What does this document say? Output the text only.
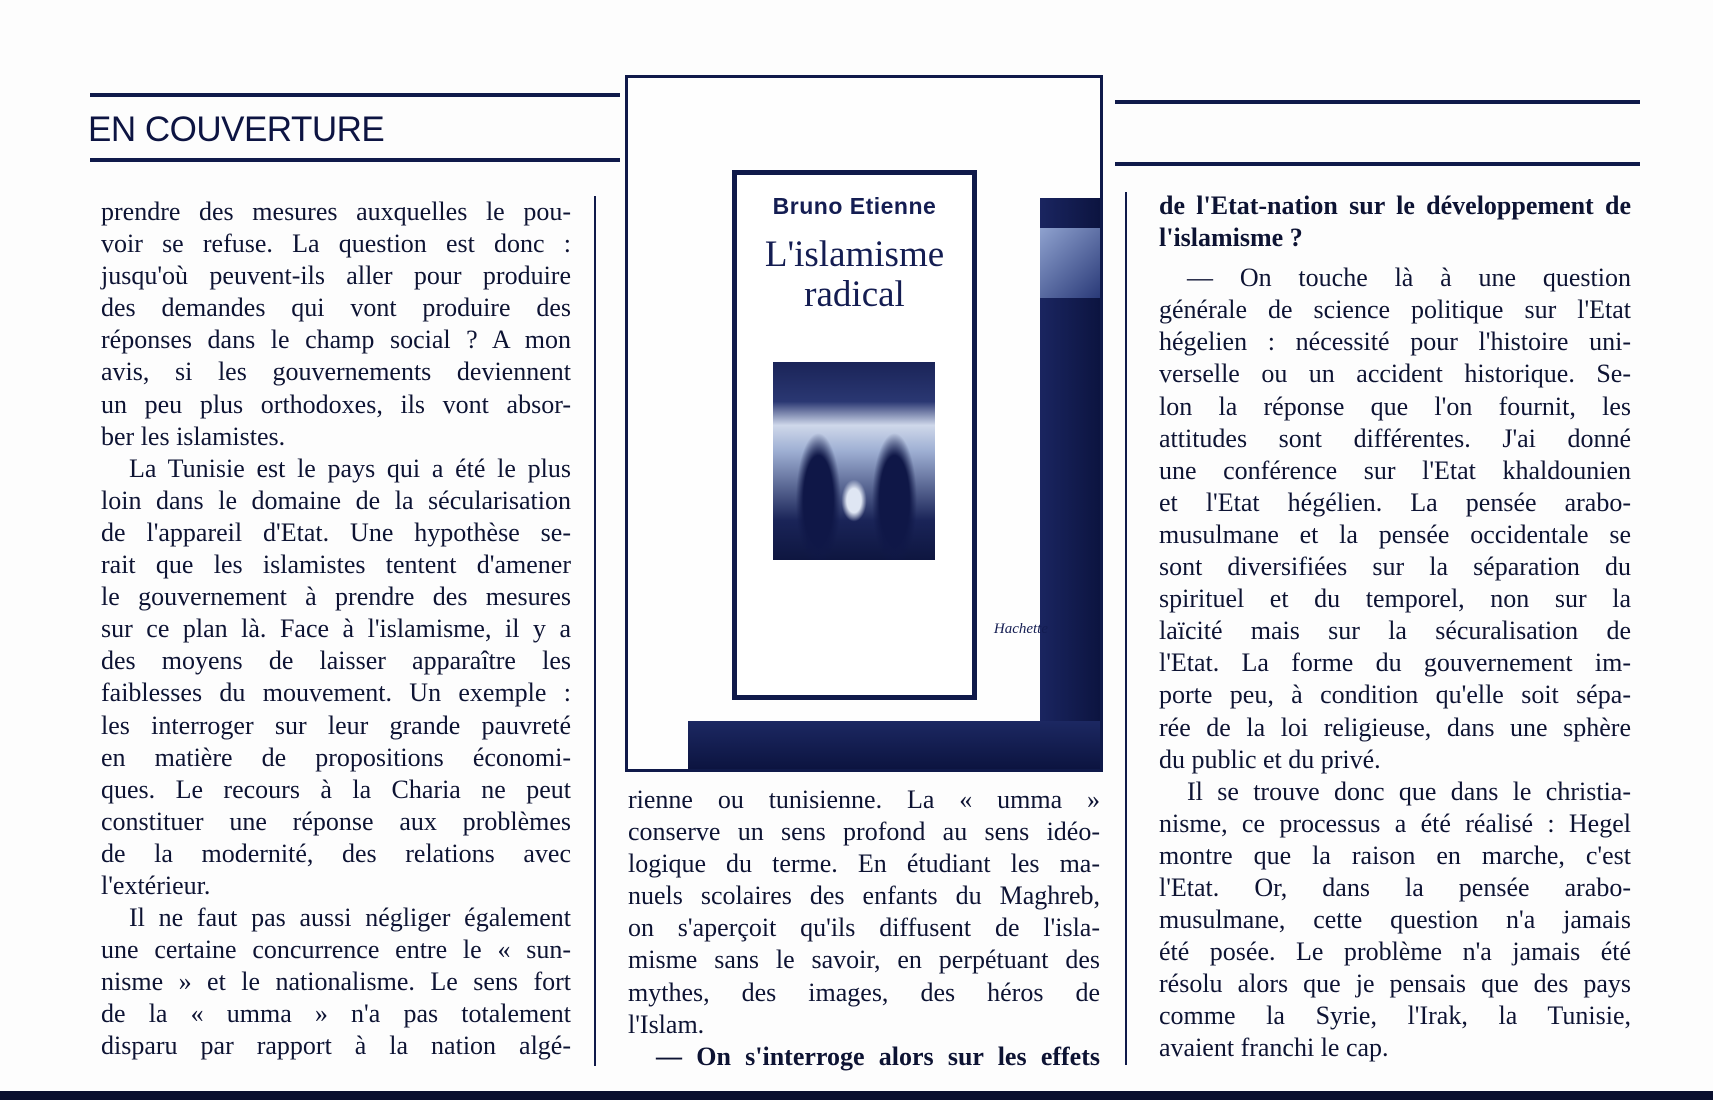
EN COUVERTURE
Bruno Etienne
L'islamisme
radical
Hachette
prendre des mesures auxquelles le pou-
voir se refuse. La question est donc :
jusqu'où peuvent-ils aller pour produire
des demandes qui vont produire des
réponses dans le champ social ? A mon
avis, si les gouvernements deviennent
un peu plus orthodoxes, ils vont absor-
ber les islamistes.
La Tunisie est le pays qui a été le plus
loin dans le domaine de la sécularisation
de l'appareil d'Etat. Une hypothèse se-
rait que les islamistes tentent d'amener
le gouvernement à prendre des mesures
sur ce plan là. Face à l'islamisme, il y a
des moyens de laisser apparaître les
faiblesses du mouvement. Un exemple :
les interroger sur leur grande pauvreté
en matière de propositions économi-
ques. Le recours à la Charia ne peut
constituer une réponse aux problèmes
de la modernité, des relations avec
l'extérieur.
Il ne faut pas aussi négliger également
une certaine concurrence entre le « sun-
nisme » et le nationalisme. Le sens fort
de la « umma » n'a pas totalement
disparu par rapport à la nation algé-
rienne ou tunisienne. La « umma »
conserve un sens profond au sens idéo-
logique du terme. En étudiant les ma-
nuels scolaires des enfants du Maghreb,
on s'aperçoit qu'ils diffusent de l'isla-
misme sans le savoir, en perpétuant des
mythes, des images, des héros de
l'Islam.
— On s'interroge alors sur les effets
de l'Etat-nation sur le développement de
l'islamisme ?
— On touche là à une question
générale de science politique sur l'Etat
hégelien : nécessité pour l'histoire uni-
verselle ou un accident historique. Se-
lon la réponse que l'on fournit, les
attitudes sont différentes. J'ai donné
une conférence sur l'Etat khaldounien
et l'Etat hégélien. La pensée arabo-
musulmane et la pensée occidentale se
sont diversifiées sur la séparation du
spirituel et du temporel, non sur la
laïcité mais sur la sécuralisation de
l'Etat. La forme du gouvernement im-
porte peu, à condition qu'elle soit sépa-
rée de la loi religieuse, dans une sphère
du public et du privé.
Il se trouve donc que dans le christia-
nisme, ce processus a été réalisé : Hegel
montre que la raison en marche, c'est
l'Etat. Or, dans la pensée arabo-
musulmane, cette question n'a jamais
été posée. Le problème n'a jamais été
résolu alors que je pensais que des pays
comme la Syrie, l'Irak, la Tunisie,
avaient franchi le cap.
